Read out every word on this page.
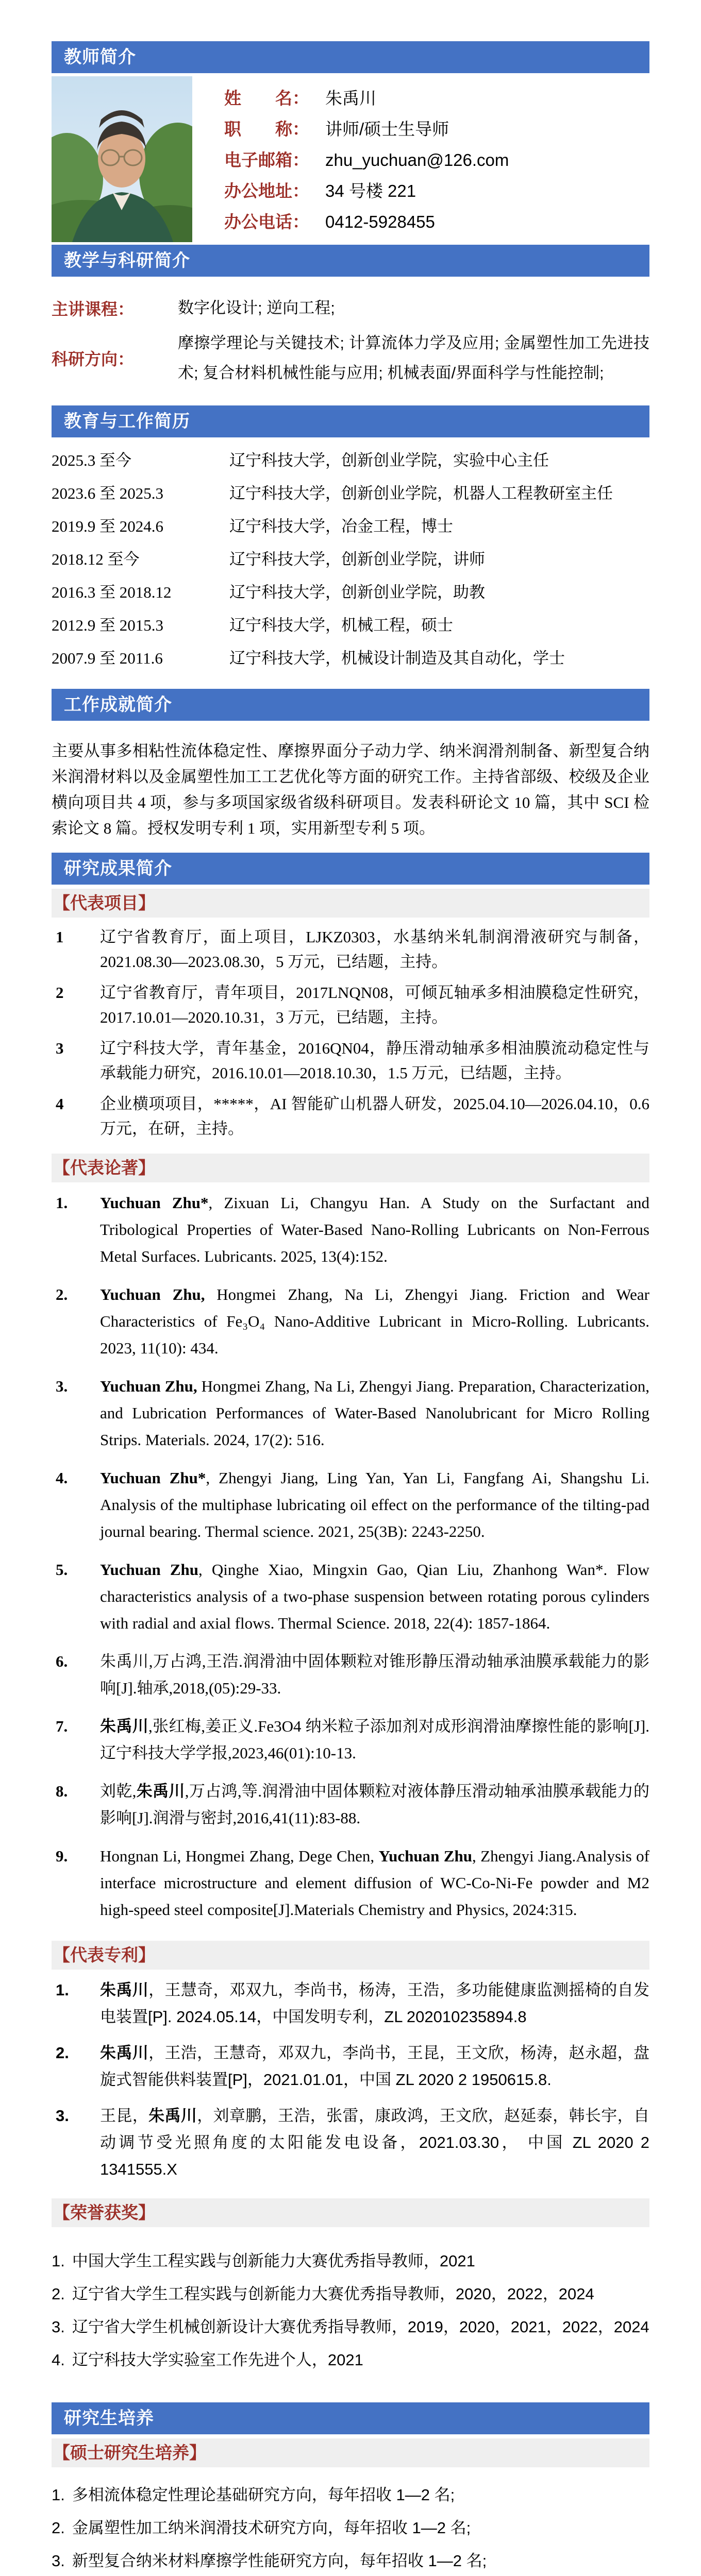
教师简介
姓　　名： 朱禹川
职　　称： 讲师/硕士生导师
电子邮箱： zhu_yuchuan@126.com
办公地址： 34 号楼 221
办公电话： 0412-5928455
教学与科研简介
主讲课程：	数字化设计; 逆向工程;
科研方向：
摩擦学理论与关键技术; 计算流体力学及应用; 金属塑性加工先进技术; 复合材料机械性能与应用; 机械表面/界面科学与性能控制;
教育与工作简历
2025.3 至今	辽宁科技大学，创新创业学院，实验中心主任
2023.6 至 2025.3	辽宁科技大学，创新创业学院，机器人工程教研室主任
2019.9 至 2024.6	辽宁科技大学，冶金工程，博士
2018.12 至今	辽宁科技大学，创新创业学院，讲师
2016.3 至 2018.12	辽宁科技大学，创新创业学院，助教
2012.9 至 2015.3	辽宁科技大学，机械工程，硕士
2007.9 至 2011.6	辽宁科技大学，机械设计制造及其自动化，学士
工作成就简介
主要从事多相粘性流体稳定性、摩擦界面分子动力学、纳米润滑剂制备、新型复合纳米润滑材料以及金属塑性加工工艺优化等方面的研究工作。主持省部级、校级及企业横向项目共 4 项，参与多项国家级省级科研项目。发表科研论文 10 篇，其中 SCI 检索论文 8 篇。授权发明专利 1 项，实用新型专利 5 项。
研究成果简介
【代表项目】
1	辽宁省教育厅，面上项目，LJKZ0303，水基纳米轧制润滑液研究与制备，2021.08.30—2023.08.30，5 万元，已结题，主持。
2	辽宁省教育厅，青年项目，2017LNQN08，可倾瓦轴承多相油膜稳定性研究，2017.10.01—2020.10.31，3 万元，已结题，主持。
3	辽宁科技大学，青年基金，2016QN04，静压滑动轴承多相油膜流动稳定性与承载能力研究，2016.10.01—2018.10.30，1.5 万元，已结题，主持。
4	企业横项项目，*****，AI 智能矿山机器人研发，2025.04.10—2026.04.10，0.6 万元，在研，主持。
【代表论著】
1.	Yuchuan Zhu*, Zixuan Li, Changyu Han. A Study on the Surfactant and Tribological Properties of Water-Based Nano-Rolling Lubricants on Non-Ferrous Metal Surfaces. Lubricants. 2025, 13(4):152.
2.	Yuchuan Zhu, Hongmei Zhang, Na Li, Zhengyi Jiang. Friction and Wear Characteristics of Fe₃O₄ Nano-Additive Lubricant in Micro-Rolling. Lubricants. 2023, 11(10): 434.
3.	Yuchuan Zhu, Hongmei Zhang, Na Li, Zhengyi Jiang. Preparation, Characterization, and Lubrication Performances of Water-Based Nanolubricant for Micro Rolling Strips. Materials. 2024, 17(2): 516.
4.	Yuchuan Zhu*, Zhengyi Jiang, Ling Yan, Yan Li, Fangfang Ai, Shangshu Li. Analysis of the multiphase lubricating oil effect on the performance of the tilting-pad journal bearing. Thermal science. 2021, 25(3B): 2243-2250.
5.	Yuchuan Zhu, Qinghe Xiao, Mingxin Gao, Qian Liu, Zhanhong Wan*. Flow characteristics analysis of a two-phase suspension between rotating porous cylinders with radial and axial flows. Thermal Science. 2018, 22(4): 1857-1864.
6.	朱禹川,万占鸿,王浩.润滑油中固体颗粒对锥形静压滑动轴承油膜承载能力的影响[J].轴承,2018,(05):29-33.
7.	朱禹川,张红梅,姜正义.Fe3O4 纳米粒子添加剂对成形润滑油摩擦性能的影响[J].辽宁科技大学学报,2023,46(01):10-13.
8.	刘乾,朱禹川,万占鸿,等.润滑油中固体颗粒对液体静压滑动轴承油膜承载能力的影响[J].润滑与密封,2016,41(11):83-88.
9.	Hongnan Li, Hongmei Zhang, Dege Chen, Yuchuan Zhu, Zhengyi Jiang.Analysis of interface microstructure and element diffusion of WC-Co-Ni-Fe powder and M2 high-speed steel composite[J].Materials Chemistry and Physics, 2024:315.
【代表专利】
1.	朱禹川，王慧奇，邓双九，李尚书，杨涛，王浩，多功能健康监测摇椅的自发电装置[P]. 2024.05.14，中国发明专利，ZL 202010235894.8
2.	朱禹川，王浩，王慧奇，邓双九，李尚书，王昆，王文欣，杨涛，赵永超，盘旋式智能供料装置[P]，2021.01.01，中国 ZL 2020 2 1950615.8.
3.	王昆，朱禹川，刘章鹏，王浩，张雷，康政鸿，王文欣，赵延泰，韩长宇，自动调节受光照角度的太阳能发电设备，2021.03.30， 中国 ZL 2020 2 1341555.X
【荣誉获奖】
1. 中国大学生工程实践与创新能力大赛优秀指导教师，2021
2. 辽宁省大学生工程实践与创新能力大赛优秀指导教师，2020，2022，2024
3. 辽宁省大学生机械创新设计大赛优秀指导教师，2019，2020，2021，2022，2024
4. 辽宁科技大学实验室工作先进个人，2021
研究生培养
【硕士研究生培养】
1. 多相流体稳定性理论基础研究方向，每年招收 1—2 名;
2. 金属塑性加工纳米润滑技术研究方向，每年招收 1—2 名;
3. 新型复合纳米材料摩擦学性能研究方向，每年招收 1—2 名;
